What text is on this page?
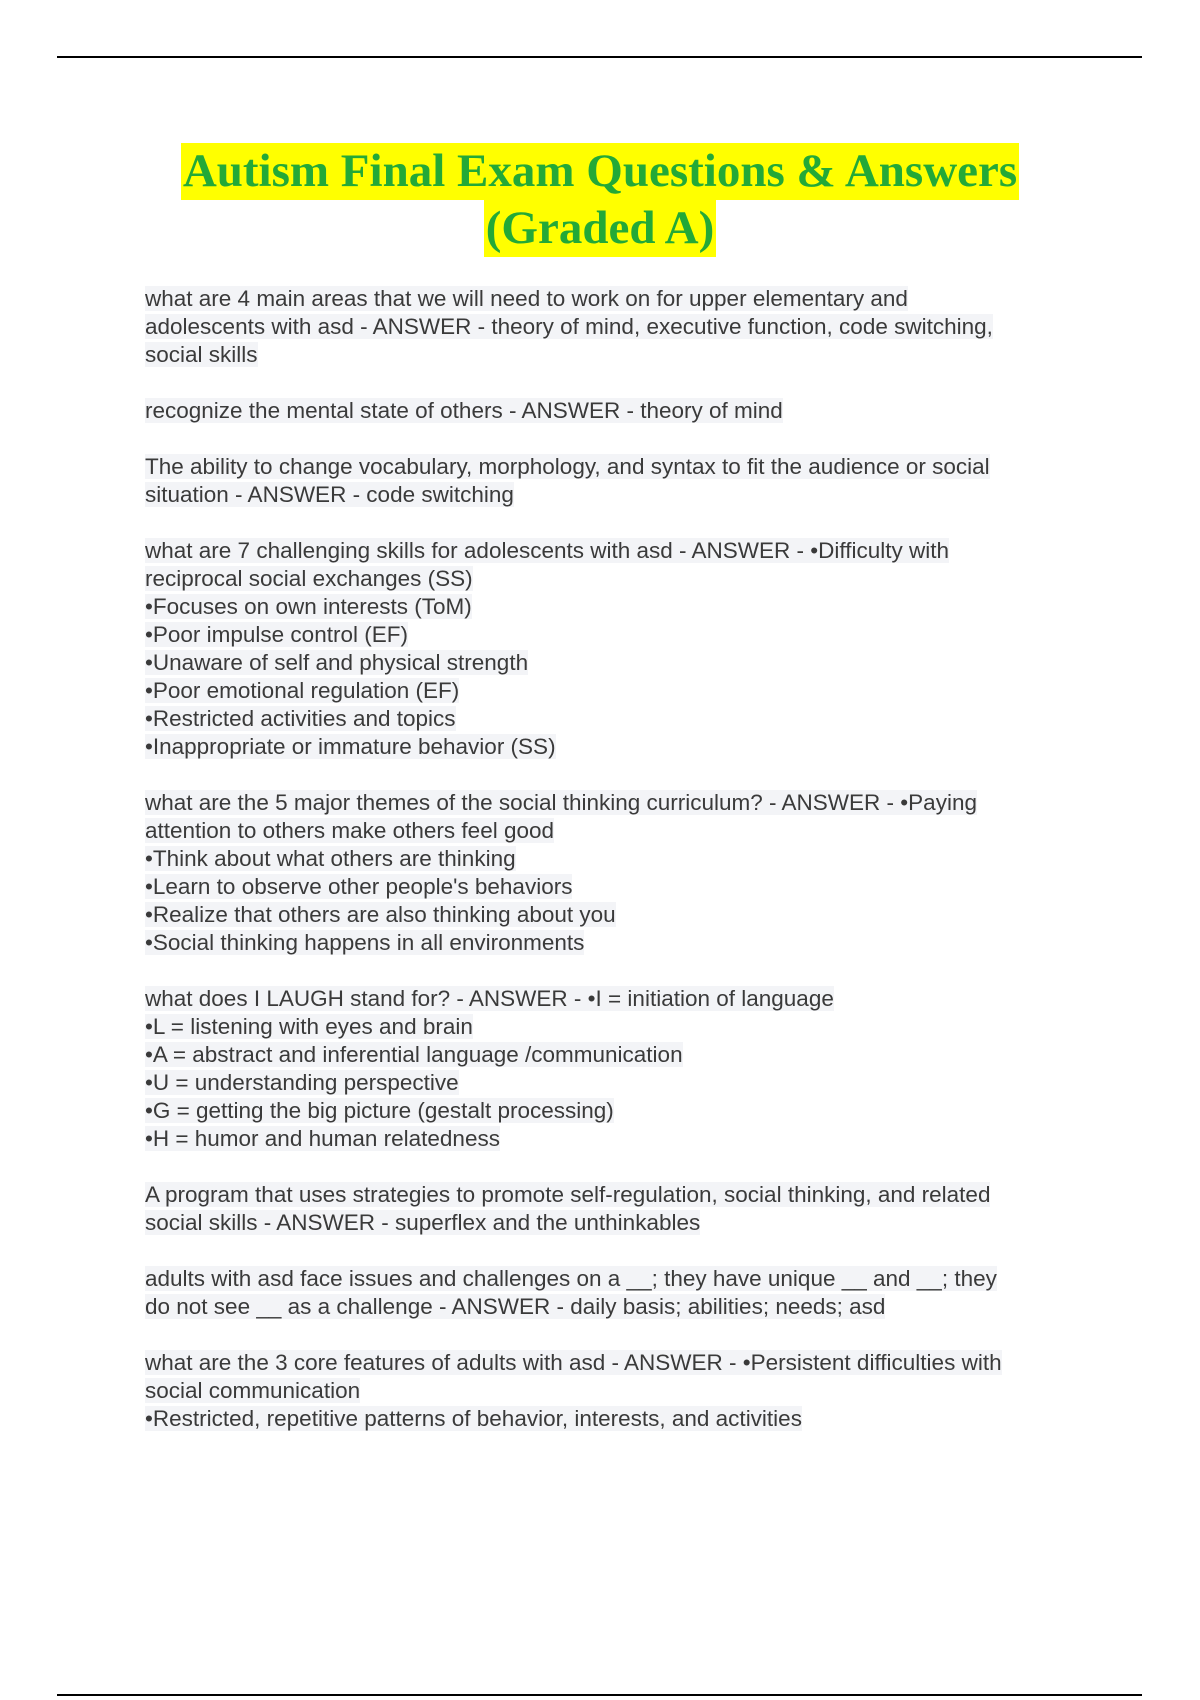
Autism Final Exam Questions & Answers
(Graded A)
what are 4 main areas that we will need to work on for upper elementary and
adolescents with asd - ANSWER - theory of mind, executive function, code switching,
social skills
recognize the mental state of others - ANSWER - theory of mind
The ability to change vocabulary, morphology, and syntax to fit the audience or social
situation - ANSWER - code switching
what are 7 challenging skills for adolescents with asd - ANSWER - •Difficulty with
reciprocal social exchanges (SS)
•Focuses on own interests (ToM)
•Poor impulse control (EF)
•Unaware of self and physical strength
•Poor emotional regulation (EF)
•Restricted activities and topics
•Inappropriate or immature behavior (SS)
what are the 5 major themes of the social thinking curriculum? - ANSWER - •Paying
attention to others make others feel good
•Think about what others are thinking
•Learn to observe other people's behaviors
•Realize that others are also thinking about you
•Social thinking happens in all environments
what does I LAUGH stand for? - ANSWER - •I = initiation of language
•L = listening with eyes and brain
•A = abstract and inferential language /communication
•U = understanding perspective
•G = getting the big picture (gestalt processing)
•H = humor and human relatedness
A program that uses strategies to promote self-regulation, social thinking, and related
social skills - ANSWER - superflex and the unthinkables
adults with asd face issues and challenges on a __; they have unique __ and __; they
do not see __ as a challenge - ANSWER - daily basis; abilities; needs; asd
what are the 3 core features of adults with asd - ANSWER - •Persistent difficulties with
social communication
•Restricted, repetitive patterns of behavior, interests, and activities
